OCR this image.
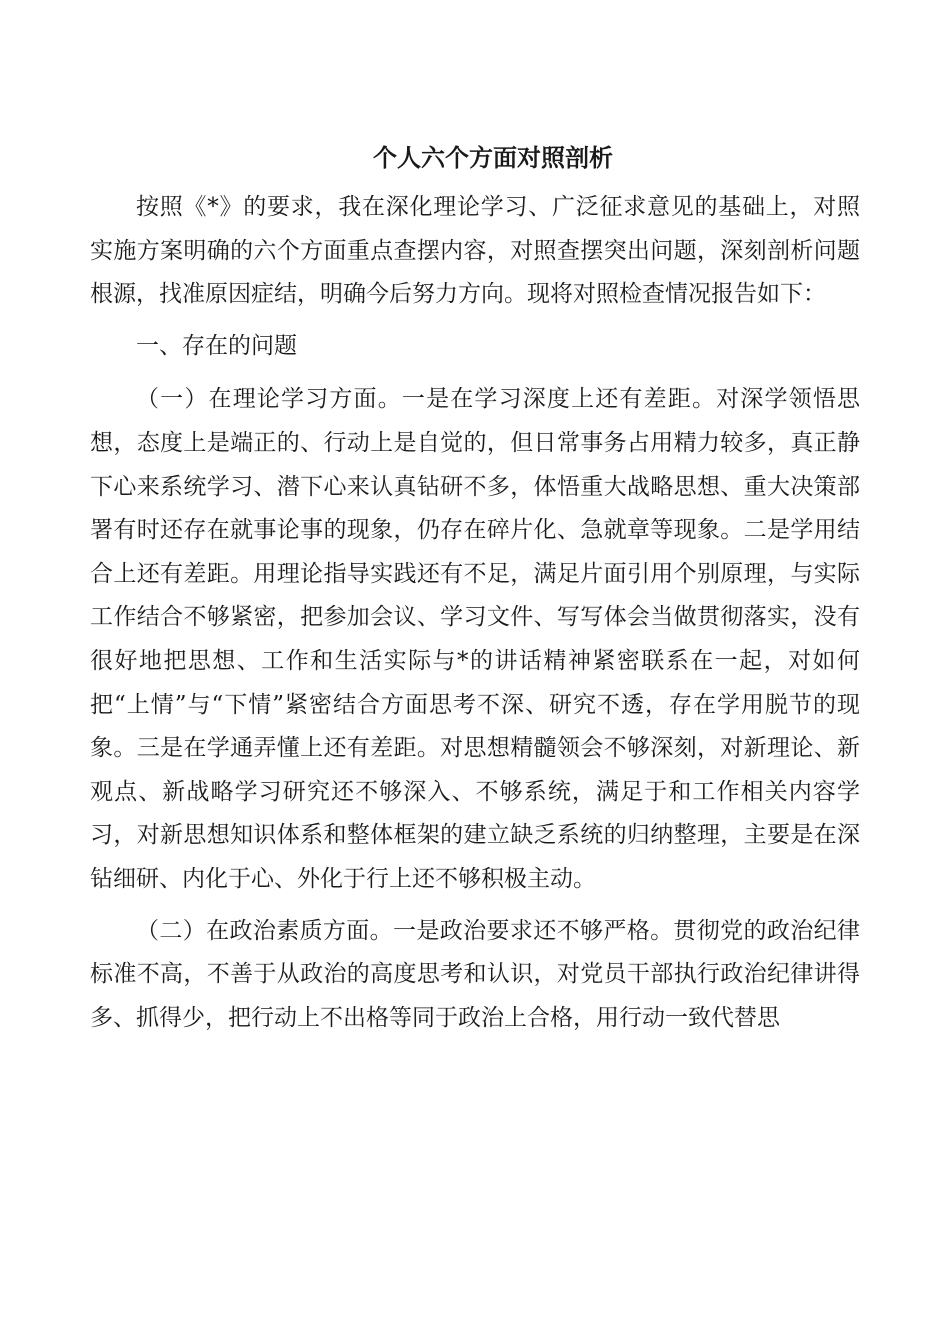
个人六个方面对照剖析

按照《*》的要求，我在深化理论学习、广泛征求意见的基础上，对照实施方案明确的六个方面重点查摆内容，对照查摆突出问题，深刻剖析问题根源，找准原因症结，明确今后努力方向。现将对照检查情况报告如下：

一、存在的问题

（一）在理论学习方面。一是在学习深度上还有差距。对深学领悟思想，态度上是端正的、行动上是自觉的，但日常事务占用精力较多，真正静下心来系统学习、潜下心来认真钻研不多，体悟重大战略思想、重大决策部署有时还存在就事论事的现象，仍存在碎片化、急就章等现象。二是学用结合上还有差距。用理论指导实践还有不足，满足片面引用个别原理，与实际工作结合不够紧密，把参加会议、学习文件、写写体会当做贯彻落实，没有很好地把思想、工作和生活实际与*的讲话精神紧密联系在一起，对如何把“上情”与“下情”紧密结合方面思考不深、研究不透，存在学用脱节的现象。三是在学通弄懂上还有差距。对思想精髓领会不够深刻，对新理论、新观点、新战略学习研究还不够深入、不够系统，满足于和工作相关内容学习，对新思想知识体系和整体框架的建立缺乏系统的归纳整理，主要是在深钻细研、内化于心、外化于行上还不够积极主动。

（二）在政治素质方面。一是政治要求还不够严格。贯彻党的政治纪律标准不高，不善于从政治的高度思考和认识，对党员干部执行政治纪律讲得多、抓得少，把行动上不出格等同于政治上合格，用行动一致代替思
